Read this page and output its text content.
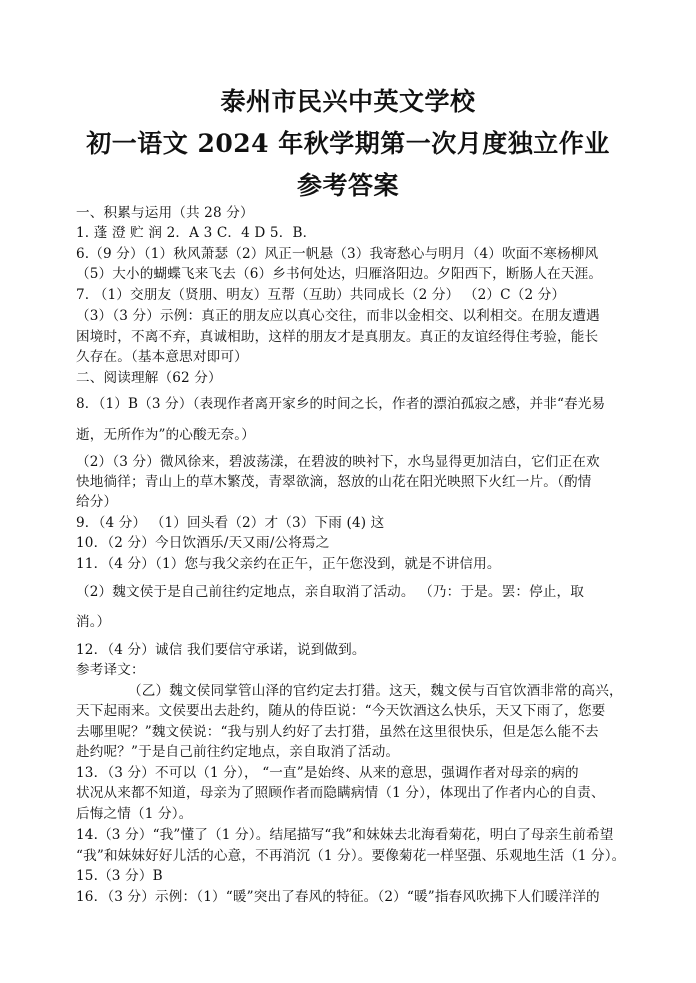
泰州市民兴中英文学校
初一语文 2024 年秋学期第一次月度独立作业
参考答案
一、积累与运用（共 28 分）
1. 蓬 澄 贮 润 2．A 3 C．4 D 5．B．
6.（9 分）（1）秋风萧瑟（2）风正一帆悬（3）我寄愁心与明月（4）吹面不寒杨柳风
（5）大小的蝴蝶飞来飞去（6）乡书何处达，归雁洛阳边。夕阳西下，断肠人在天涯。
7. （1）交朋友（贤朋、明友）互帮（互助）共同成长（2 分） （2）C（2 分）
（3）（3 分）示例：真正的朋友应以真心交往，而非以金相交、以利相交。在朋友遭遇
困境时，不离不弃，真诚相助，这样的朋友才是真朋友。真正的友谊经得住考验，能长
久存在。（基本意思对即可）
二、阅读理解（62 分）
8．（1）B（3 分）（表现作者离开家乡的时间之长，作者的漂泊孤寂之感，并非“春光易
逝，无所作为”的心酸无奈。）
（2）（3 分）微风徐来，碧波荡漾，在碧波的映衬下，水鸟显得更加洁白，它们正在欢
快地徜徉；青山上的草木繁茂，青翠欲滴，怒放的山花在阳光映照下火红一片。（酌情
给分）
9．（4 分） （1）回头看（2）才（3）下雨 (4) 这
10．（2 分）今日饮酒乐/天又雨/公将焉之
11．（4 分）（1）您与我父亲约在正午，正午您没到，就是不讲信用。
（2）魏文侯于是自己前往约定地点，亲自取消了活动。 （乃：于是。罢：停止，取
消。）
12．（4 分）诚信 我们要信守承诺，说到做到。
参考译文：
（乙）魏文侯同掌管山泽的官约定去打猎。这天，魏文侯与百官饮酒非常的高兴，
天下起雨来。文侯要出去赴约，随从的侍臣说：“今天饮酒这么快乐，天又下雨了，您要
去哪里呢？”魏文侯说：“我与别人约好了去打猎，虽然在这里很快乐，但是怎么能不去
赴约呢？”于是自己前往约定地点，亲自取消了活动。
13．（3 分）不可以（1 分）， “一直”是始终、从来的意思，强调作者对母亲的病的
状况从来都不知道，母亲为了照顾作者而隐瞒病情（1 分），体现出了作者内心的自责、
后悔之情（1 分）。
14.（3 分）“我”懂了（1 分）。结尾描写“我”和妹妹去北海看菊花，明白了母亲生前希望
“我”和妹妹好好儿活的心意，不再消沉（1 分）。要像菊花一样坚强、乐观地生活（1 分）。
15.（3 分）B
16．（3 分）示例：（1）“暖”突出了春风的特征。（2）“暖”指春风吹拂下人们暖洋洋的
